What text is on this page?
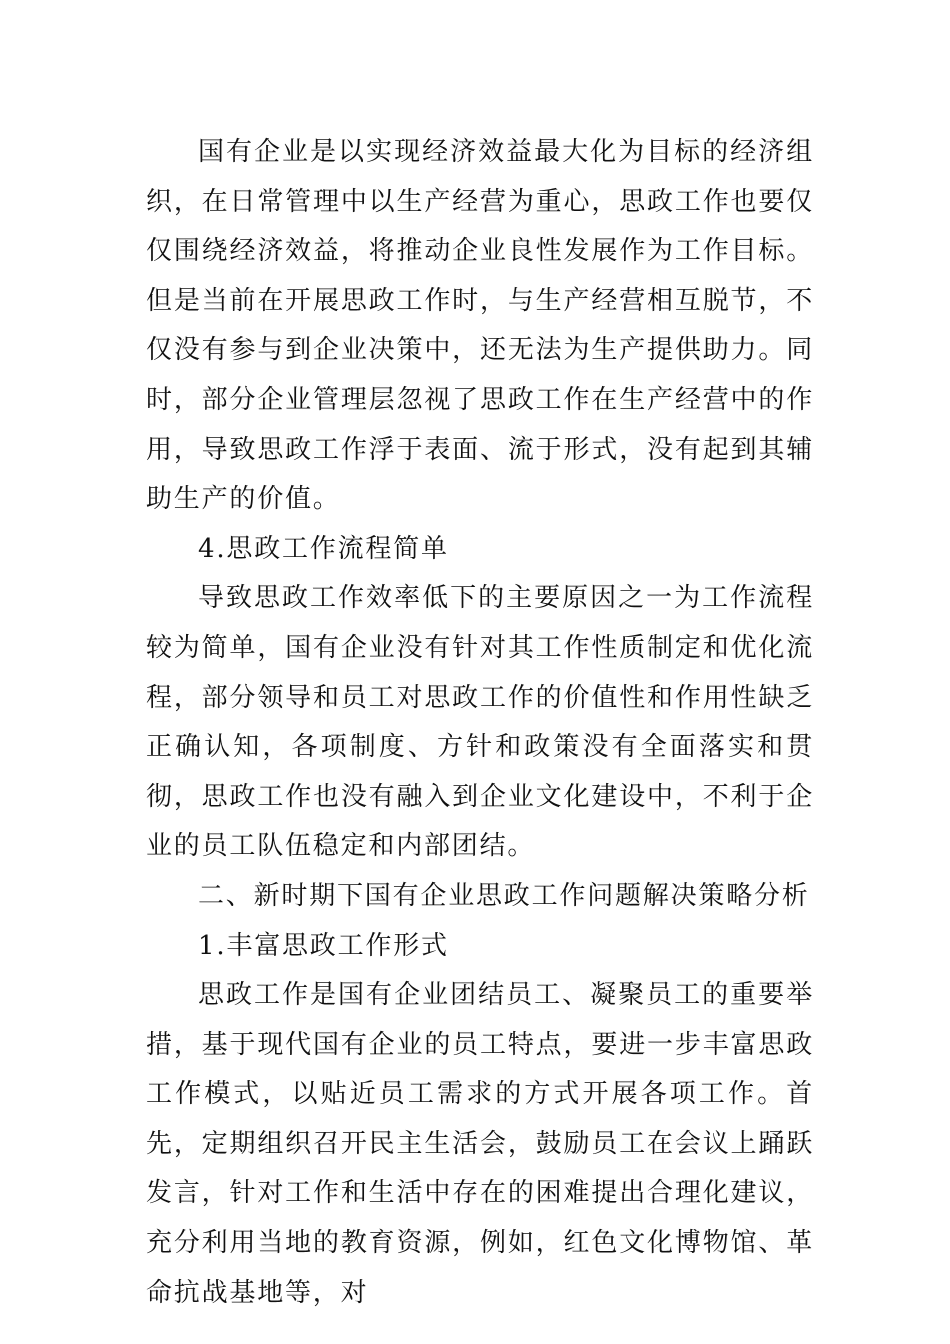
国有企业是以实现经济效益最大化为目标的经济组织，在日常管理中以生产经营为重心，思政工作也要仅仅围绕经济效益，将推动企业良性发展作为工作目标。但是当前在开展思政工作时，与生产经营相互脱节，不仅没有参与到企业决策中，还无法为生产提供助力。同时，部分企业管理层忽视了思政工作在生产经营中的作用，导致思政工作浮于表面、流于形式，没有起到其辅助生产的价值。

4.思政工作流程简单

导致思政工作效率低下的主要原因之一为工作流程较为简单，国有企业没有针对其工作性质制定和优化流程，部分领导和员工对思政工作的价值性和作用性缺乏正确认知，各项制度、方针和政策没有全面落实和贯彻，思政工作也没有融入到企业文化建设中，不利于企业的员工队伍稳定和内部团结。

二、新时期下国有企业思政工作问题解决策略分析

1.丰富思政工作形式

思政工作是国有企业团结员工、凝聚员工的重要举措，基于现代国有企业的员工特点，要进一步丰富思政工作模式，以贴近员工需求的方式开展各项工作。首先，定期组织召开民主生活会，鼓励员工在会议上踊跃发言，针对工作和生活中存在的困难提出合理化建议，充分利用当地的教育资源，例如，红色文化博物馆、革命抗战基地等，对
